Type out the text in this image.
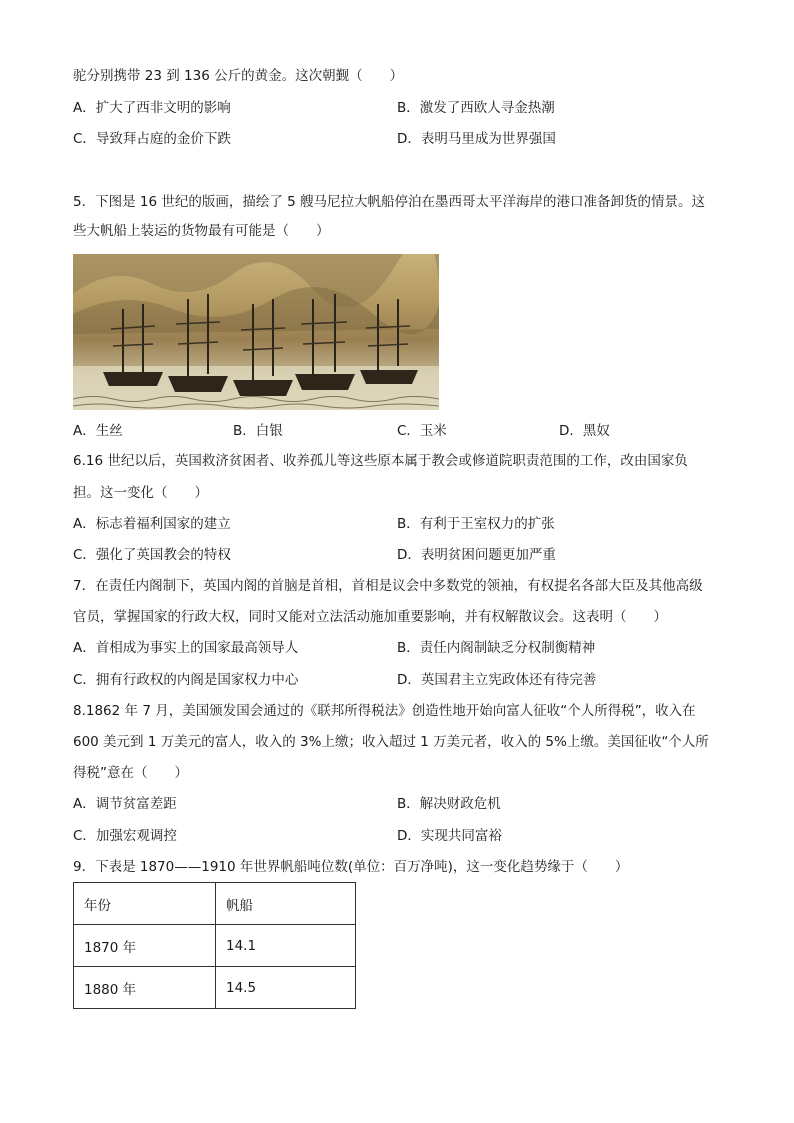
驼分别携带 23 到 136 公斤的黄金。这次朝觐（　　）
A．扩大了西非文明的影响	B．激发了西欧人寻金热潮
C．导致拜占庭的金价下跌	D．表明马里成为世界强国
5．下图是 16 世纪的版画，描绘了 5 艘马尼拉大帆船停泊在墨西哥太平洋海岸的港口准备卸货的情景。这
些大帆船上装运的货物最有可能是（　　）
A．生丝	B．白银	C．玉米	D．黑奴
6.16 世纪以后，英国救济贫困者、收养孤儿等这些原本属于教会或修道院职责范围的工作，改由国家负
担。这一变化（　　）
A．标志着福利国家的建立	B．有利于王室权力的扩张
C．强化了英国教会的特权	D．表明贫困问题更加严重
7．在责任内阁制下，英国内阁的首脑是首相，首相是议会中多数党的领袖，有权提名各部大臣及其他高级
官员，掌握国家的行政大权，同时又能对立法活动施加重要影响，并有权解散议会。这表明（　　）
A．首相成为事实上的国家最高领导人	B．责任内阁制缺乏分权制衡精神
C．拥有行政权的内阁是国家权力中心	D．英国君主立宪政体还有待完善
8.1862 年 7 月，美国颁发国会通过的《联邦所得税法》创造性地开始向富人征收“个人所得税”，收入在
600 美元到 1 万美元的富人，收入的 3%上缴；收入超过 1 万美元者，收入的 5%上缴。美国征收“个人所
得税”意在（　　）
A．调节贫富差距	B．解决财政危机
C．加强宏观调控	D．实现共同富裕
9．下表是 1870——1910 年世界帆船吨位数(单位：百万净吨)，这一变化趋势缘于（　　）
年份	帆船
1870 年	14.1
1880 年	14.5
